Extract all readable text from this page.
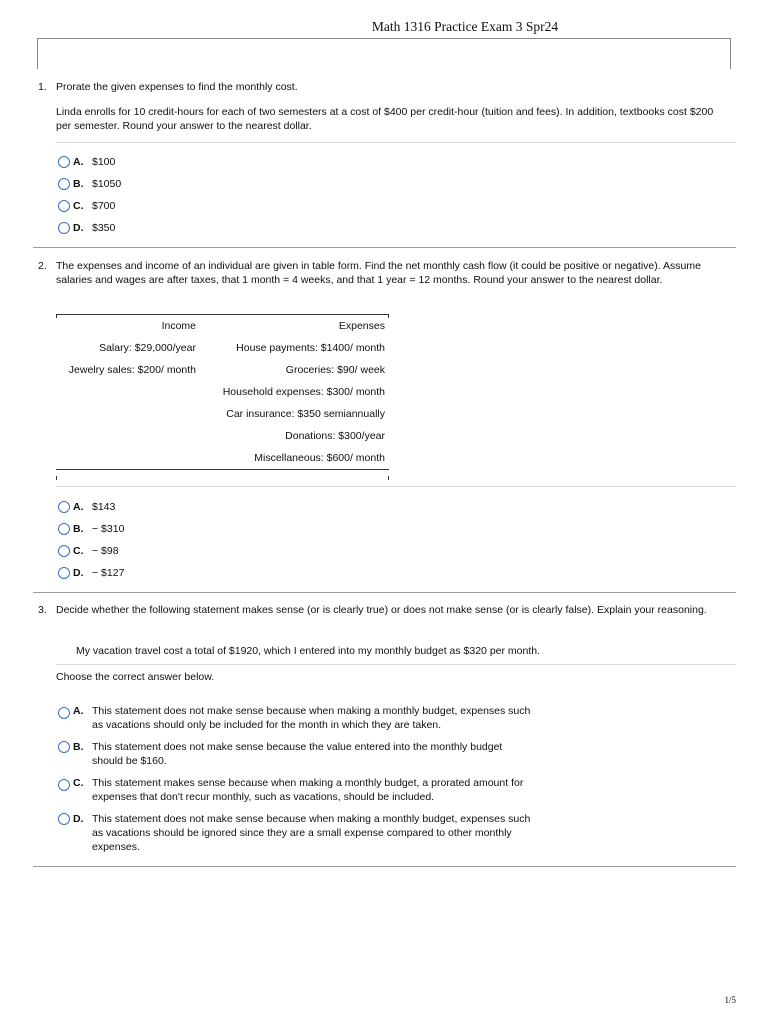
Math 1316 Practice Exam 3 Spr24
1. Prorate the given expenses to find the monthly cost.
Linda enrolls for 10 credit-hours for each of two semesters at a cost of $400 per credit-hour (tuition and fees). In addition, textbooks cost $200 per semester. Round your answer to the nearest dollar.
A. $100
B. $1050
C. $700
D. $350
2. The expenses and income of an individual are given in table form. Find the net monthly cash flow (it could be positive or negative). Assume salaries and wages are after taxes, that 1 month = 4 weeks, and that 1 year = 12 months. Round your answer to the nearest dollar.
Income	Expenses
Salary: $29,000/year	House payments: $1400/ month
Jewelry sales: $200/ month	Groceries: $90/ week
	Household expenses: $300/ month
	Car insurance: $350 semiannually
	Donations: $300/year
	Miscellaneous: $600/ month
A. $143
B. − $310
C. − $98
D. − $127
3. Decide whether the following statement makes sense (or is clearly true) or does not make sense (or is clearly false). Explain your reasoning.
My vacation travel cost a total of $1920, which I entered into my monthly budget as $320 per month.
Choose the correct answer below.
A. This statement does not make sense because when making a monthly budget, expenses such as vacations should only be included for the month in which they are taken.
B. This statement does not make sense because the value entered into the monthly budget should be $160.
C. This statement makes sense because when making a monthly budget, a prorated amount for expenses that don't recur monthly, such as vacations, should be included.
D. This statement does not make sense because when making a monthly budget, expenses such as vacations should be ignored since they are a small expense compared to other monthly expenses.
1/5
